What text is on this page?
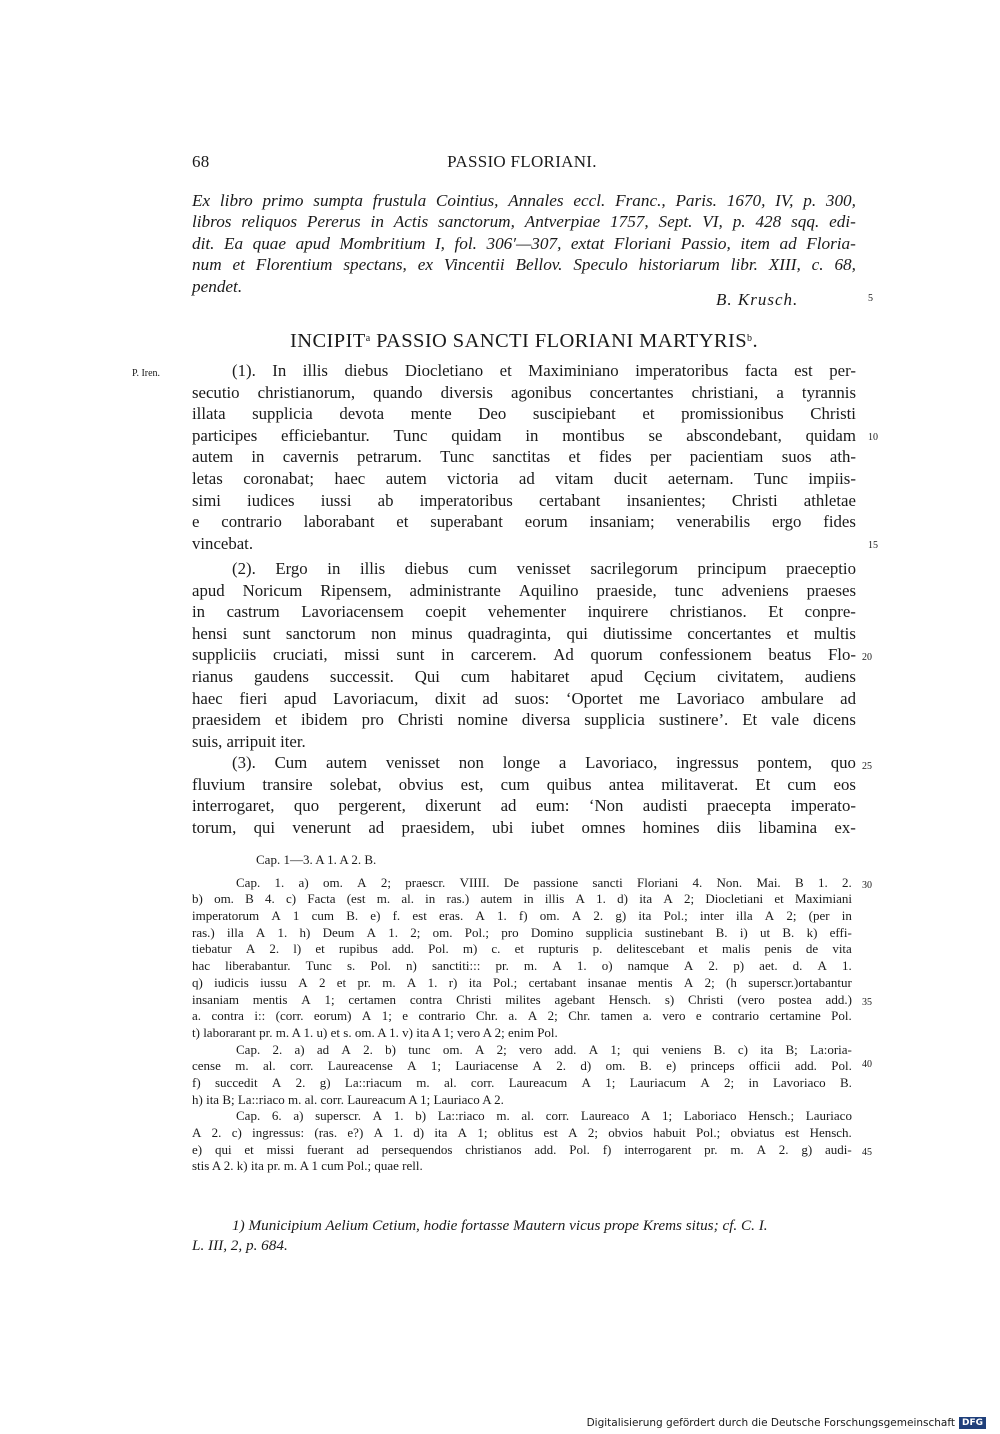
68	PASSIO FLORIANI.
Ex libro primo sumpta frustula Cointius, Annales eccl. Franc., Paris. 1670, IV, p. 300,
libros reliquos Pererus in Actis sanctorum, Antverpiae 1757, Sept. VI, p. 428 sqq. edi-
dit. Ea quae apud Mombritium I, fol. 306′—307, extat Floriani Passio, item ad Floria-
num et Florentium spectans, ex Vincentii Bellov. Speculo historiarum libr. XIII, c. 68,
pendet.
B. Krusch.	5
INCIPIT$^a$ PASSIO SANCTI FLORIANI MARTYRIS$^b$.
P. Iren.	(1). In illis diebus Diocletiano et Maximiniano imperatoribus facta est per-
secutio christianorum, quando diversis agonibus concertantes christiani, a tyrannis
illata supplicia devota mente Deo suscipiebant et promissionibus Christi
participes efficiebantur. Tunc quidam in montibus se abscondebant, quidam
autem in cavernis petrarum. Tunc sanctitas et fides per pacientiam suos ath-
letas coronabat; haec autem victoria ad vitam ducit aeternam. Tunc impiis-
simi iudices iussi ab imperatoribus certabant insanientes; Christi athletae
e contrario laborabant et superabant eorum insaniam; venerabilis ergo fides
vincebat.
10
15
(2). Ergo in illis diebus cum venisset sacrilegorum principum praeceptio
apud Noricum Ripensem, administrante Aquilino praeside, tunc adveniens praeses
in castrum Lavoriacensem coepit vehementer inquirere christianos. Et conpre-
hensi sunt sanctorum non minus quadraginta, qui diutissime concertantes et multis
suppliciis cruciati, missi sunt in carcerem. Ad quorum confessionem beatus Flo-
rianus gaudens successit. Qui cum habitaret apud Cęcium civitatem, audiens
haec fieri apud Lavoriacum, dixit ad suos: ‘Oportet me Lavoriaco ambulare ad
praesidem et ibidem pro Christi nomine diversa supplicia sustinere’. Et vale dicens
suis, arripuit iter.
20
(3). Cum autem venisset non longe a Lavoriaco, ingressus pontem, quo
fluvium transire solebat, obvius est, cum quibus antea militaverat. Et cum eos
interrogaret, quo pergerent, dixerunt ad eum: ‘Non audisti praecepta imperato-
torum, qui venerunt ad praesidem, ubi iubet omnes homines diis libamina ex-
25
Cap. 1—3. A 1. A 2. B.
Cap. 1. a) om. A 2; praescr. VIIII. De passione sancti Floriani 4. Non. Mai. B 1. 2.
b) om. B 4. c) Facta (est m. al. in ras.) autem in illis A 1. d) ita A 2; Diocletiani et Maximiani
imperatorum A 1 cum B. e) f. est eras. A 1. f) om. A 2. g) ita Pol.; inter illa A 2; (per in
ras.) illa A 1. h) Deum A 1. 2; om. Pol.; pro Domino supplicia sustinebant B. i) ut B. k) effi-
tiebatur A 2. l) et rupibus add. Pol. m) c. et rupturis p. delitescebant et malis penis de vita
hac liberabantur. Tunc s. Pol. n) sanctiti::: pr. m. A 1. o) namque A 2. p) aet. d. A 1.
q) iudicis iussu A 2 et pr. m. A 1. r) ita Pol.; certabant insanae mentis A 2; (h superscr.)ortabantur
insaniam mentis A 1; certamen contra Christi milites agebant Hensch. s) Christi (vero postea add.)
a. contra i:: (corr. eorum) A 1; e contrario Chr. a. A 2; Chr. tamen a. vero e contrario certamine Pol.
t) laborarant pr. m. A 1. u) et s. om. A 1. v) ita A 1; vero A 2; enim Pol.
Cap. 2. a) ad A 2. b) tunc om. A 2; vero add. A 1; qui veniens B. c) ita B; La:oria-
cense m. al. corr. Laureacense A 1; Lauriacense A 2. d) om. B. e) princeps officii add. Pol.
f) succedit A 2. g) La::riacum m. al. corr. Laureacum A 1; Lauriacum A 2; in Lavoriaco B.
h) ita B; La::riaco m. al. corr. Laureacum A 1; Lauriaco A 2.
Cap. 6. a) superscr. A 1. b) La::riaco m. al. corr. Laureaco A 1; Laboriaco Hensch.; Lauriaco
A 2. c) ingressus: (ras. e?) A 1. d) ita A 1; oblitus est A 2; obvios habuit Pol.; obviatus est Hensch.
e) qui et missi fuerant ad persequendos christianos add. Pol. f) interrogarent pr. m. A 2. g) audi-
stis A 2. k) ita pr. m. A 1 cum Pol.; quae rell.
30
35
40
45
1) Municipium Aelium Cetium, hodie fortasse Mautern vicus prope Krems situs; cf. C. I.
L. III, 2, p. 684.
Digitalisierung gefördert durch die Deutsche Forschungsgemeinschaft DFG
